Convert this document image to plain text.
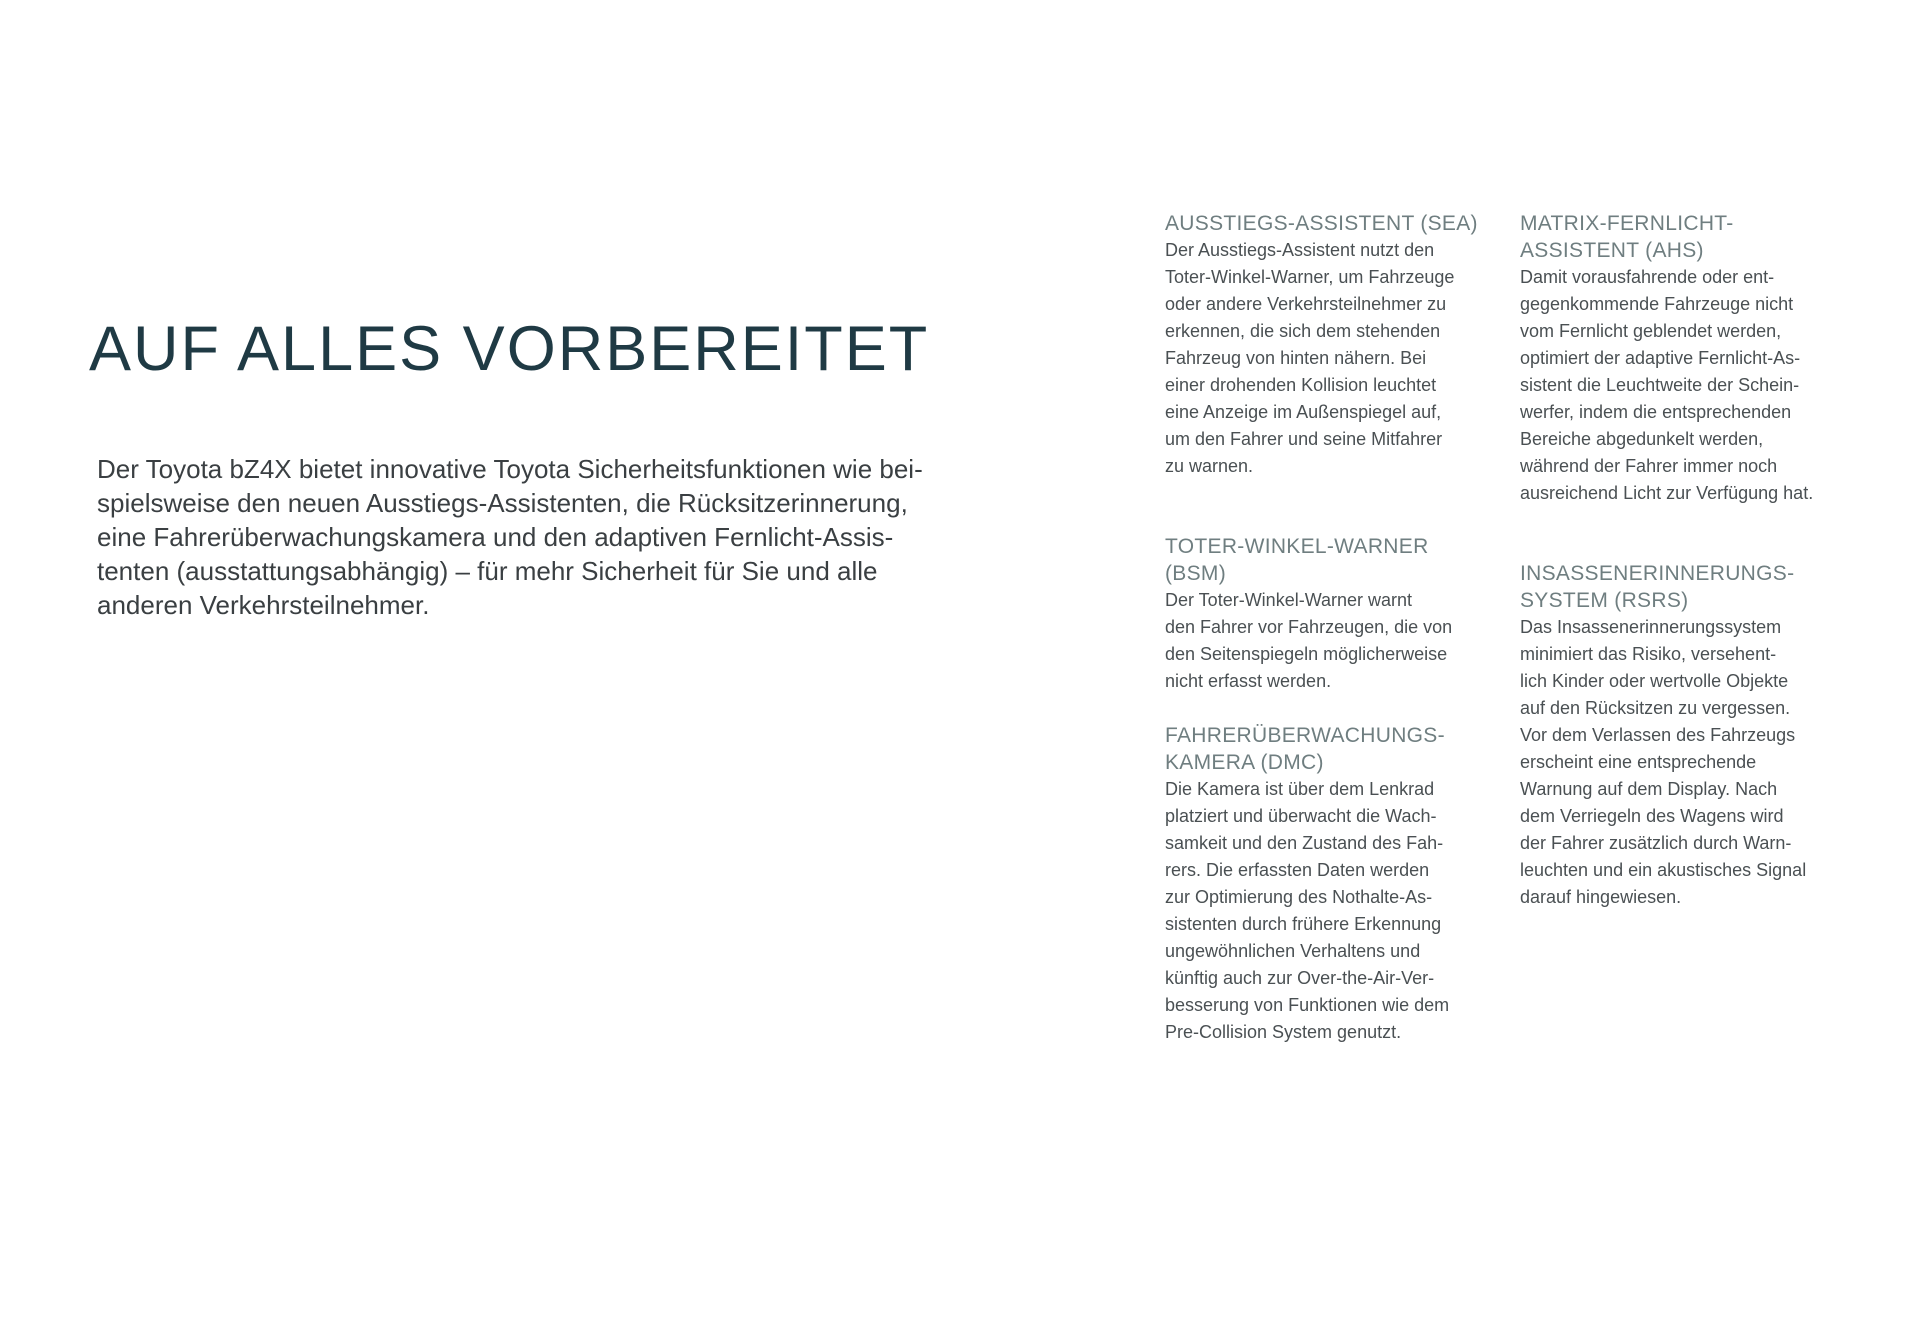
AUF ALLES VORBEREITET

Der Toyota bZ4X bietet innovative Toyota Sicherheitsfunktionen wie bei-
spielsweise den neuen Ausstiegs-Assistenten, die Rücksitzerinnerung,
eine Fahrerüberwachungskamera und den adaptiven Fernlicht-Assis-
tenten (ausstattungsabhängig) – für mehr Sicherheit für Sie und alle
anderen Verkehrsteilnehmer.

AUSSTIEGS-ASSISTENT (SEA)

Der Ausstiegs-Assistent nutzt den
Toter-Winkel-Warner, um Fahrzeuge
oder andere Verkehrsteilnehmer zu
erkennen, die sich dem stehenden
Fahrzeug von hinten nähern. Bei
einer drohenden Kollision leuchtet
eine Anzeige im Außenspiegel auf,
um den Fahrer und seine Mitfahrer
zu warnen.

TOTER-WINKEL-WARNER (BSM)

Der Toter-Winkel-Warner warnt
den Fahrer vor Fahrzeugen, die von
den Seitenspiegeln möglicherweise
nicht erfasst werden.

FAHRERÜBERWACHUNGS-
KAMERA (DMC)

Die Kamera ist über dem Lenkrad
platziert und überwacht die Wach-
samkeit und den Zustand des Fah-
rers. Die erfassten Daten werden
zur Optimierung des Nothalte-As-
sistenten durch frühere Erkennung
ungewöhnlichen Verhaltens und
künftig auch zur Over-the-Air-Ver-
besserung von Funktionen wie dem
Pre-Collision System genutzt.

MATRIX-FERNLICHT-
ASSISTENT (AHS)

Damit vorausfahrende oder ent-
gegenkommende Fahrzeuge nicht
vom Fernlicht geblendet werden,
optimiert der adaptive Fernlicht-As-
sistent die Leuchtweite der Schein-
werfer, indem die entsprechenden
Bereiche abgedunkelt werden,
während der Fahrer immer noch
ausreichend Licht zur Verfügung hat.

INSASSENERINNERUNGS-
SYSTEM (RSRS)

Das Insassenerinnerungssystem
minimiert das Risiko, versehent-
lich Kinder oder wertvolle Objekte
auf den Rücksitzen zu vergessen.
Vor dem Verlassen des Fahrzeugs
erscheint eine entsprechende
Warnung auf dem Display. Nach
dem Verriegeln des Wagens wird
der Fahrer zusätzlich durch Warn-
leuchten und ein akustisches Signal
darauf hingewiesen.
